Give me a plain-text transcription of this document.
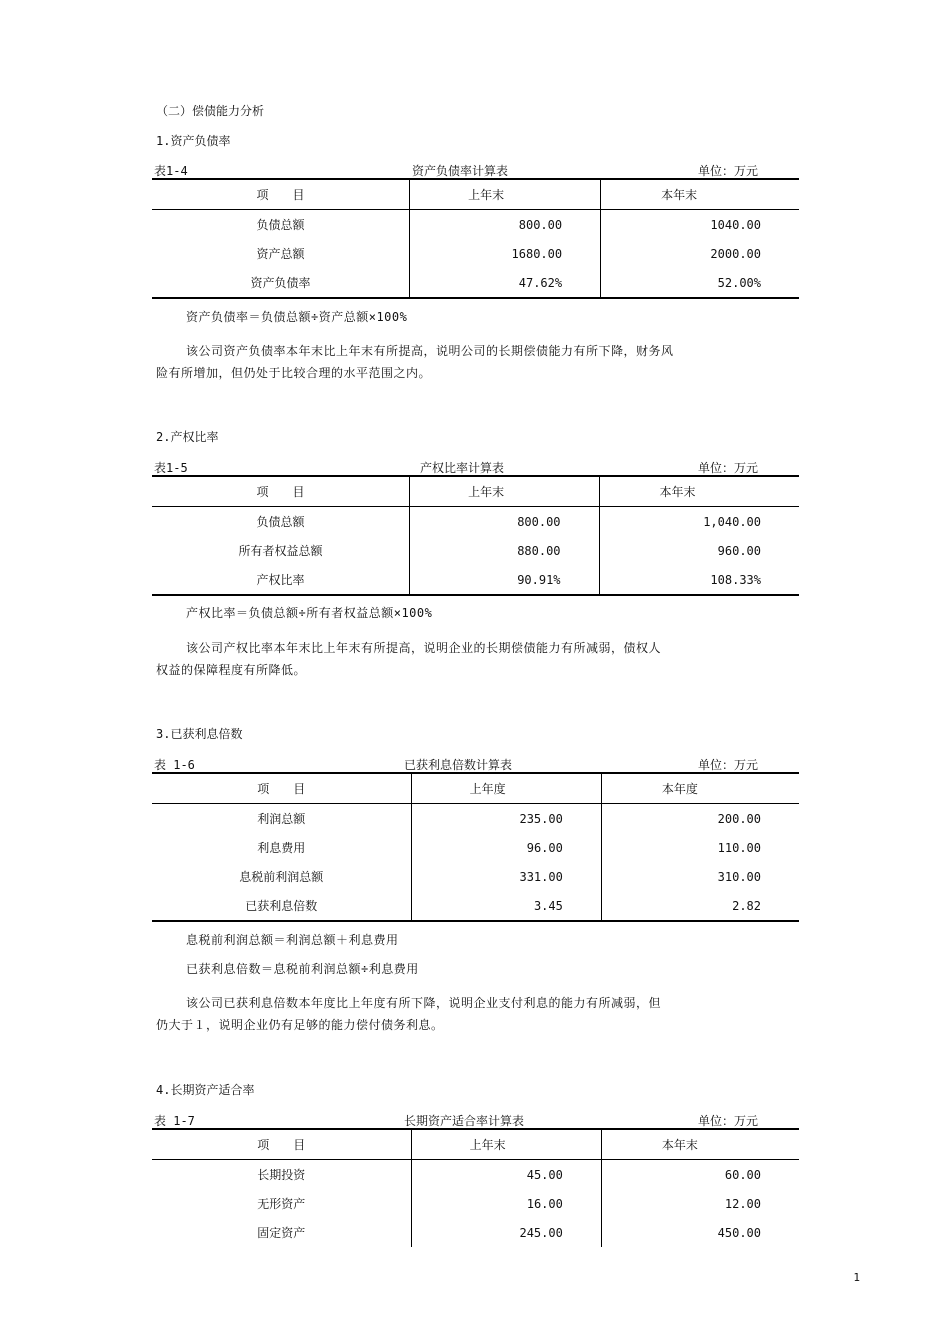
（二）偿债能力分析
1.资产负债率
表1-4	资产负债率计算表	单位：万元
项　　目	上年末	本年末
负债总额	800.00	1040.00
资产总额	1680.00	2000.00
资产负债率	47.62%	52.00%
资产负债率＝负债总额÷资产总额×100%
该公司资产负债率本年末比上年末有所提高，说明公司的长期偿债能力有所下降，财务风
险有所增加，但仍处于比较合理的水平范围之内。
2.产权比率
表1-5	产权比率计算表	单位：万元
项　　目	上年末	本年末
负债总额	800.00	1,040.00
所有者权益总额	880.00	960.00
产权比率	90.91%	108.33%
产权比率＝负债总额÷所有者权益总额×100%
该公司产权比率本年末比上年末有所提高，说明企业的长期偿债能力有所减弱，债权人
权益的保障程度有所降低。
3.已获利息倍数
表 1-6	已获利息倍数计算表	单位：万元
项　　目	上年度	本年度
利润总额	235.00	200.00
利息费用	96.00	110.00
息税前利润总额	331.00	310.00
已获利息倍数	3.45	2.82
息税前利润总额＝利润总额＋利息费用
已获利息倍数＝息税前利润总额÷利息费用
该公司已获利息倍数本年度比上年度有所下降，说明企业支付利息的能力有所减弱，但
仍大于１，说明企业仍有足够的能力偿付债务利息。
4.长期资产适合率
表 1-7	长期资产适合率计算表	单位：万元
项　　目	上年末	本年末
长期投资	45.00	60.00
无形资产	16.00	12.00
固定资产	245.00	450.00
1
